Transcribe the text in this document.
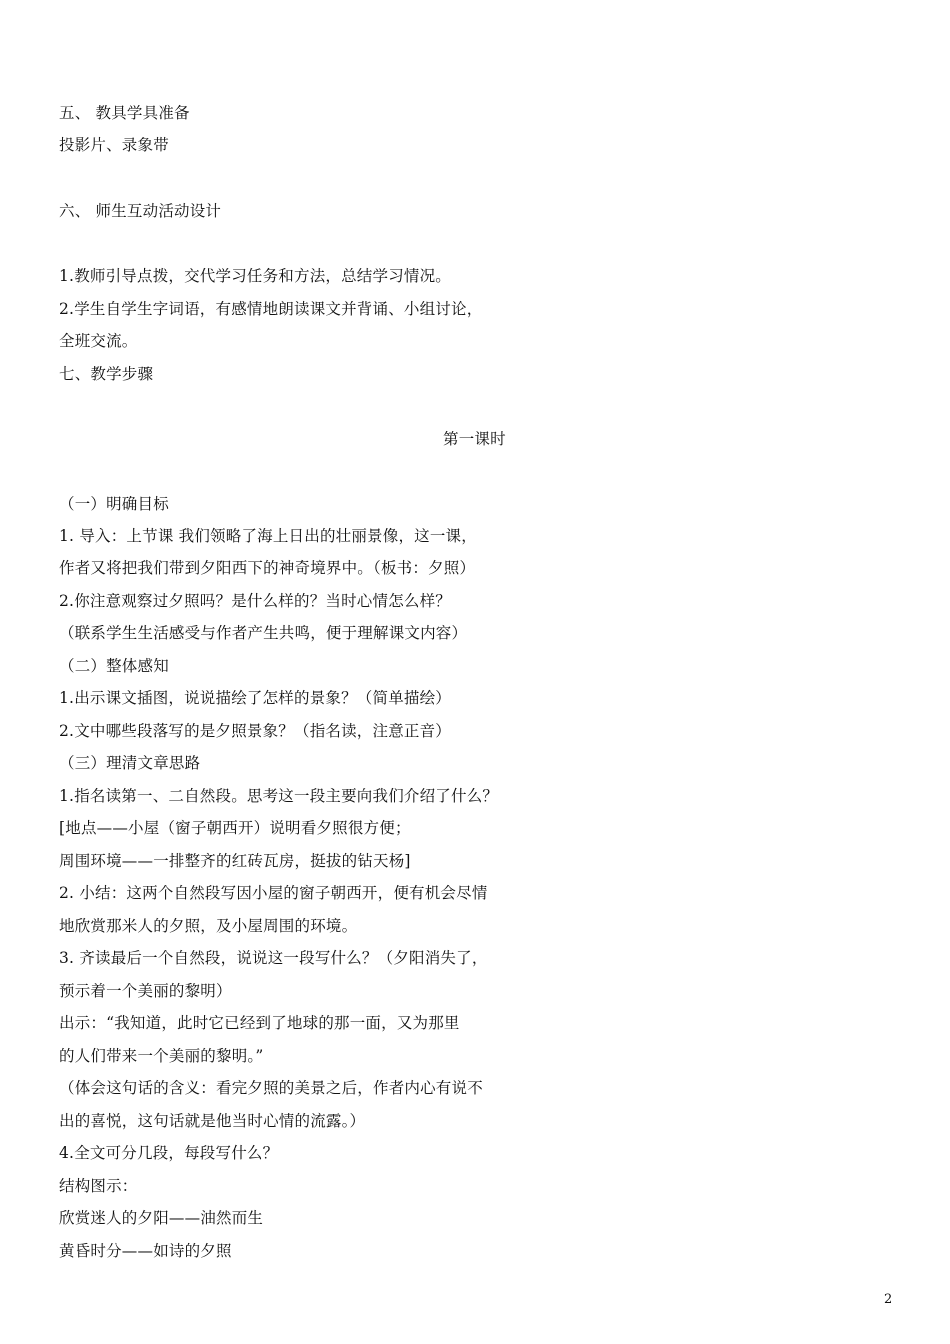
五、 教具学具准备
投影片、录象带
六、 师生互动活动设计
1.教师引导点拨，交代学习任务和方法，总结学习情况。
2.学生自学生字词语，有感情地朗读课文并背诵、小组讨论，
全班交流。
七、教学步骤
第一课时
（一）明确目标
1. 导入：上节课 我们领略了海上日出的壮丽景像，这一课，
作者又将把我们带到夕阳西下的神奇境界中。（板书：夕照）
2.你注意观察过夕照吗？是什么样的？当时心情怎么样？
（联系学生生活感受与作者产生共鸣，便于理解课文内容）
（二）整体感知
1.出示课文插图，说说描绘了怎样的景象？（简单描绘）
2.文中哪些段落写的是夕照景象？（指名读，注意正音）
（三）理清文章思路
1.指名读第一、二自然段。思考这一段主要向我们介绍了什么？
[地点——小屋（窗子朝西开）说明看夕照很方便；
周围环境——一排整齐的红砖瓦房，挺拔的钻天杨]
2. 小结：这两个自然段写因小屋的窗子朝西开，便有机会尽情
地欣赏那米人的夕照，及小屋周围的环境。
3. 齐读最后一个自然段，说说这一段写什么？（夕阳消失了，
预示着一个美丽的黎明）
出示：“我知道，此时它已经到了地球的那一面，又为那里
的人们带来一个美丽的黎明。”
（体会这句话的含义：看完夕照的美景之后，作者内心有说不
出的喜悦，这句话就是他当时心情的流露。）
4.全文可分几段，每段写什么？
结构图示：
欣赏迷人的夕阳——油然而生
黄昏时分——如诗的夕照
2
